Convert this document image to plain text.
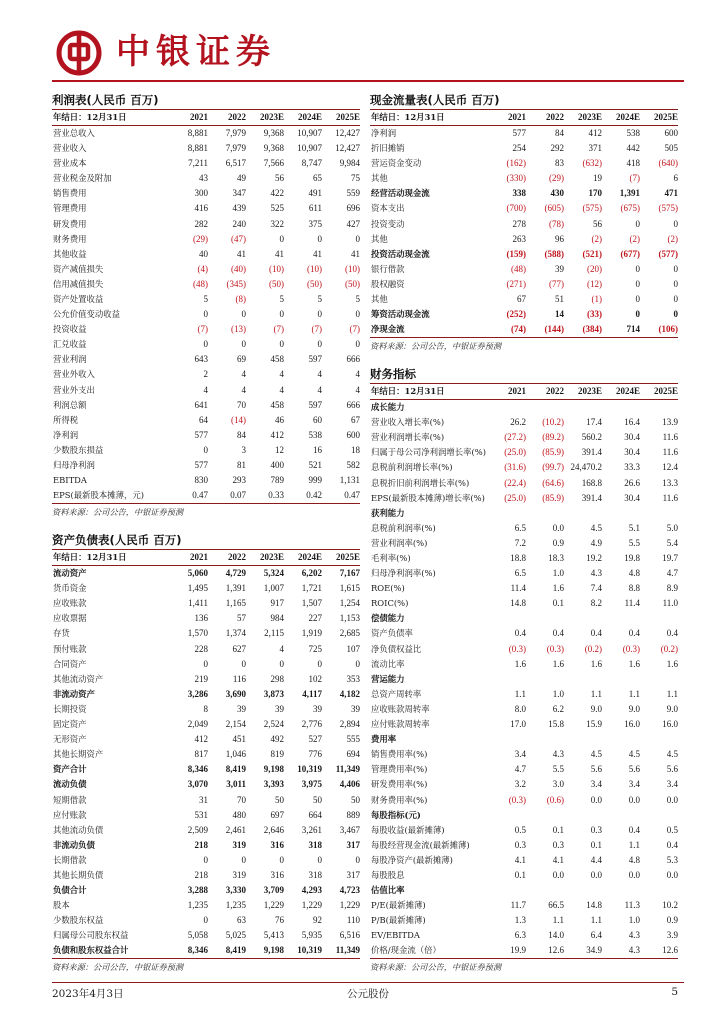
中银证券
利润表(人民币 百万)
年结日：12月31日	2021	2022	2023E	2024E	2025E
营业总收入	8,881	7,979	9,368	10,907	12,427
营业收入	8,881	7,979	9,368	10,907	12,427
营业成本	7,211	6,517	7,566	8,747	9,984
营业税金及附加	43	49	56	65	75
销售费用	300	347	422	491	559
管理费用	416	439	525	611	696
研发费用	282	240	322	375	427
财务费用	(29)	(47)	0	0	0
其他收益	40	41	41	41	41
资产减值损失	(4)	(40)	(10)	(10)	(10)
信用减值损失	(48)	(345)	(50)	(50)	(50)
资产处置收益	5	(8)	5	5	5
公允价值变动收益	0	0	0	0	0
投资收益	(7)	(13)	(7)	(7)	(7)
汇兑收益	0	0	0	0	0
营业利润	643	69	458	597	666
营业外收入	2	4	4	4	4
营业外支出	4	4	4	4	4
利润总额	641	70	458	597	666
所得税	64	(14)	46	60	67
净利润	577	84	412	538	600
少数股东损益	0	3	12	16	18
归母净利润	577	81	400	521	582
EBITDA	830	293	789	999	1,131
EPS(最新股本摊薄，元)	0.47	0.07	0.33	0.42	0.47
资料来源：公司公告，中银证券预测
资产负债表(人民币 百万)
年结日：12月31日	2021	2022	2023E	2024E	2025E
流动资产	5,060	4,729	5,324	6,202	7,167
货币资金	1,495	1,391	1,007	1,721	1,615
应收账款	1,411	1,165	917	1,507	1,254
应收票据	136	57	984	227	1,153
存货	1,570	1,374	2,115	1,919	2,685
预付账款	228	627	4	725	107
合同资产	0	0	0	0	0
其他流动资产	219	116	298	102	353
非流动资产	3,286	3,690	3,873	4,117	4,182
长期投资	8	39	39	39	39
固定资产	2,049	2,154	2,524	2,776	2,894
无形资产	412	451	492	527	555
其他长期资产	817	1,046	819	776	694
资产合计	8,346	8,419	9,198	10,319	11,349
流动负债	3,070	3,011	3,393	3,975	4,406
短期借款	31	70	50	50	50
应付账款	531	480	697	664	889
其他流动负债	2,509	2,461	2,646	3,261	3,467
非流动负债	218	319	316	318	317
长期借款	0	0	0	0	0
其他长期负债	218	319	316	318	317
负债合计	3,288	3,330	3,709	4,293	4,723
股本	1,235	1,235	1,229	1,229	1,229
少数股东权益	0	63	76	92	110
归属母公司股东权益	5,058	5,025	5,413	5,935	6,516
负债和股东权益合计	8,346	8,419	9,198	10,319	11,349
资料来源：公司公告，中银证券预测
现金流量表(人民币 百万)
年结日：12月31日	2021	2022	2023E	2024E	2025E
净利润	577	84	412	538	600
折旧摊销	254	292	371	442	505
营运资金变动	(162)	83	(632)	418	(640)
其他	(330)	(29)	19	(7)	6
经营活动现金流	338	430	170	1,391	471
资本支出	(700)	(605)	(575)	(675)	(575)
投资变动	278	(78)	56	0	0
其他	263	96	(2)	(2)	(2)
投资活动现金流	(159)	(588)	(521)	(677)	(577)
银行借款	(48)	39	(20)	0	0
股权融资	(271)	(77)	(12)	0	0
其他	67	51	(1)	0	0
筹资活动现金流	(252)	14	(33)	0	0
净现金流	(74)	(144)	(384)	714	(106)
资料来源：公司公告，中银证券预测
财务指标
年结日：12月31日	2021	2022	2023E	2024E	2025E
成长能力					
营业收入增长率(%)	26.2	(10.2)	17.4	16.4	13.9
营业利润增长率(%)	(27.2)	(89.2)	560.2	30.4	11.6
归属于母公司净利润增长率(%)	(25.0)	(85.9)	391.4	30.4	11.6
息税前利润增长率(%)	(31.6)	(99.7)	24,470.2	33.3	12.4
息税折旧前利润增长率(%)	(22.4)	(64.6)	168.8	26.6	13.3
EPS(最新股本摊薄)增长率(%)	(25.0)	(85.9)	391.4	30.4	11.6
获利能力					
息税前利润率(%)	6.5	0.0	4.5	5.1	5.0
营业利润率(%)	7.2	0.9	4.9	5.5	5.4
毛利率(%)	18.8	18.3	19.2	19.8	19.7
归母净利润率(%)	6.5	1.0	4.3	4.8	4.7
ROE(%)	11.4	1.6	7.4	8.8	8.9
ROIC(%)	14.8	0.1	8.2	11.4	11.0
偿债能力					
资产负债率	0.4	0.4	0.4	0.4	0.4
净负债权益比	(0.3)	(0.3)	(0.2)	(0.3)	(0.2)
流动比率	1.6	1.6	1.6	1.6	1.6
营运能力					
总资产周转率	1.1	1.0	1.1	1.1	1.1
应收账款周转率	8.0	6.2	9.0	9.0	9.0
应付账款周转率	17.0	15.8	15.9	16.0	16.0
费用率					
销售费用率(%)	3.4	4.3	4.5	4.5	4.5
管理费用率(%)	4.7	5.5	5.6	5.6	5.6
研发费用率(%)	3.2	3.0	3.4	3.4	3.4
财务费用率(%)	(0.3)	(0.6)	0.0	0.0	0.0
每股指标(元)					
每股收益(最新摊薄)	0.5	0.1	0.3	0.4	0.5
每股经营现金流(最新摊薄)	0.3	0.3	0.1	1.1	0.4
每股净资产(最新摊薄)	4.1	4.1	4.4	4.8	5.3
每股股息	0.1	0.0	0.0	0.0	0.0
估值比率					
P/E(最新摊薄)	11.7	66.5	14.8	11.3	10.2
P/B(最新摊薄)	1.3	1.1	1.1	1.0	0.9
EV/EBITDA	6.3	14.0	6.4	4.3	3.9
价格/现金流（倍）	19.9	12.6	34.9	4.3	12.6
资料来源：公司公告，中银证券预测
2023年4月3日	公元股份	5
